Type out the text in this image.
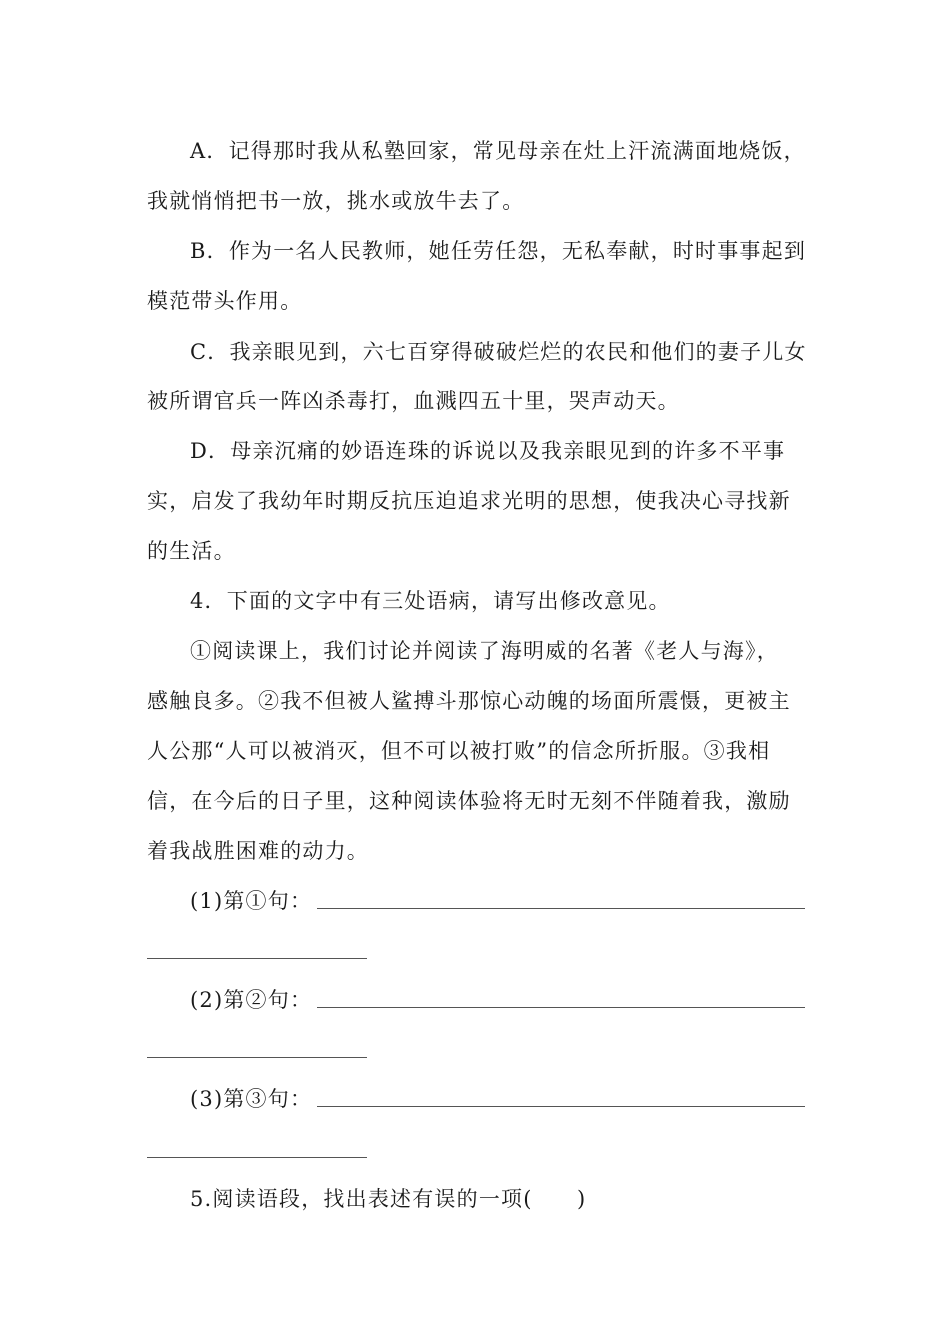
A．记得那时我从私塾回家，常见母亲在灶上汗流满面地烧饭，
我就悄悄把书一放，挑水或放牛去了。
B．作为一名人民教师，她任劳任怨，无私奉献，时时事事起到
模范带头作用。
C．我亲眼见到，六七百穿得破破烂烂的农民和他们的妻子儿女
被所谓官兵一阵凶杀毒打，血溅四五十里，哭声动天。
D．母亲沉痛的妙语连珠的诉说以及我亲眼见到的许多不平事
实，启发了我幼年时期反抗压迫追求光明的思想，使我决心寻找新
的生活。
4．下面的文字中有三处语病，请写出修改意见。
①阅读课上，我们讨论并阅读了海明威的名著《老人与海》，
感触良多。②我不但被人鲨搏斗那惊心动魄的场面所震慑，更被主
人公那“人可以被消灭，但不可以被打败”的信念所折服。③我相
信，在今后的日子里，这种阅读体验将无时无刻不伴随着我，激励
着我战胜困难的动力。
(1)第①句：
(2)第②句：
(3)第③句：
5.阅读语段，找出表述有误的一项(　　)
